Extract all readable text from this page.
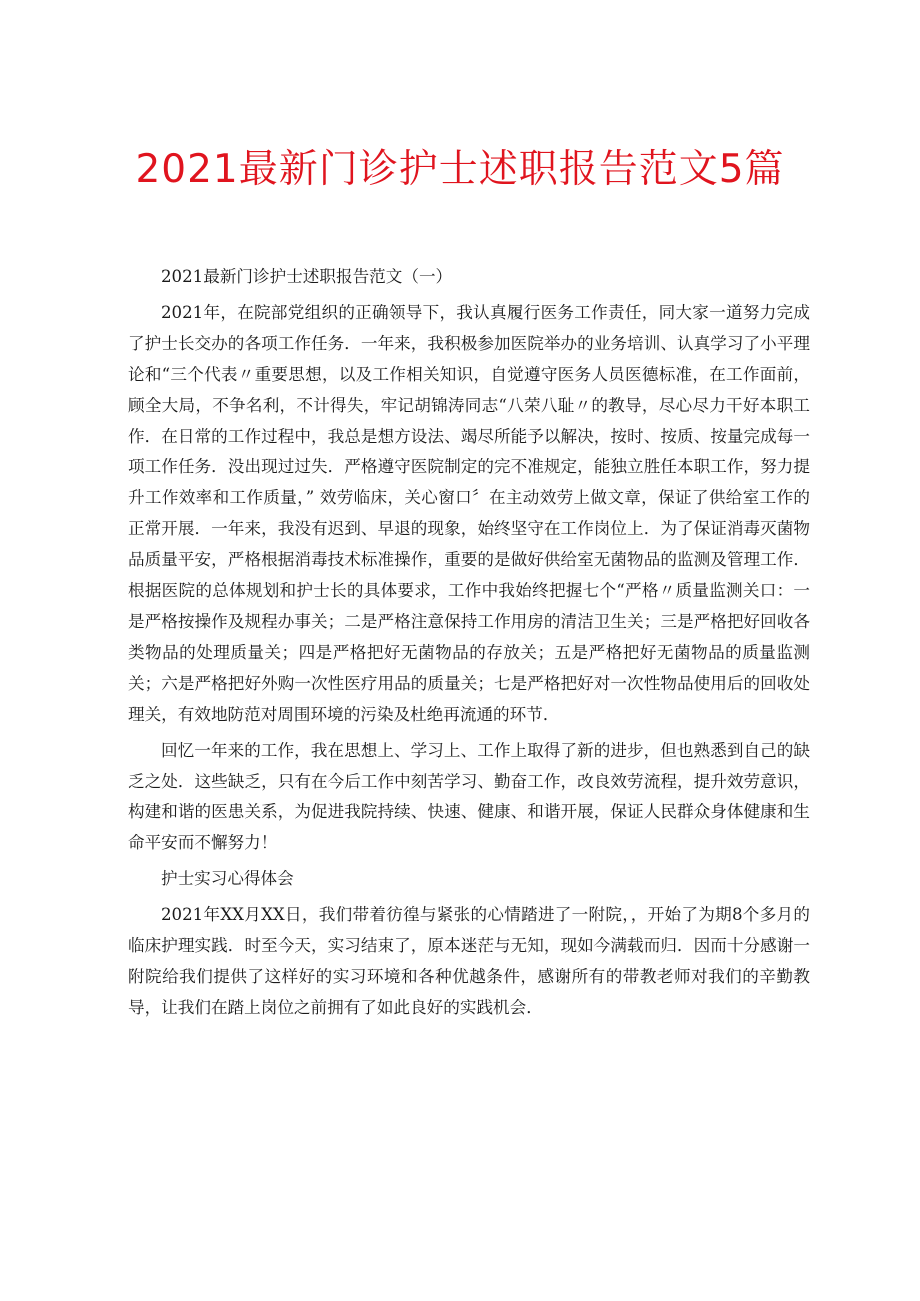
2021最新门诊护士述职报告范文5篇

2021最新门诊护士述职报告范文（一）

2021年，在院部党组织的正确领导下，我认真履行医务工作责任，同大家一道努力完成了护士长交办的各项工作任务．一年来，我积极参加医院举办的业务培训、认真学习了小平理论和“三个代表〃重要思想，以及工作相关知识，自觉遵守医务人员医德标准，在工作面前，顾全大局，不争名利，不计得失，牢记胡锦涛同志“八荣八耻〃的教导，尽心尽力干好本职工作．在日常的工作过程中，我总是想方设法、竭尽所能予以解决，按时、按质、按量完成每一项工作任务．没出现过过失．严格遵守医院制定的完不准规定，能独立胜任本职工作，努力提升工作效率和工作质量，” 效劳临床，关心窗口〞在主动效劳上做文章，保证了供给室工作的正常开展．一年来，我没有迟到、早退的现象，始终坚守在工作岗位上．为了保证消毒灭菌物品质量平安，严格根据消毒技术标准操作，重要的是做好供给室无菌物品的监测及管理工作．根据医院的总体规划和护士长的具体要求，工作中我始终把握七个“严格〃质量监测关口：一是严格按操作及规程办事关；二是严格注意保持工作用房的清洁卫生关；三是严格把好回收各类物品的处理质量关；四是严格把好无菌物品的存放关；五是严格把好无菌物品的质量监测关；六是严格把好外购一次性医疗用品的质量关；七是严格把好对一次性物品使用后的回收处理关，有效地防范对周围环境的污染及杜绝再流通的环节．

回忆一年来的工作，我在思想上、学习上、工作上取得了新的进步，但也熟悉到自己的缺乏之处．这些缺乏，只有在今后工作中刻苦学习、勤奋工作，改良效劳流程，提升效劳意识，构建和谐的医患关系，为促进我院持续、快速、健康、和谐开展，保证人民群众身体健康和生命平安而不懈努力！

护士实习心得体会

2021年XX月XX日，我们带着彷徨与紧张的心情踏进了一附院，，开始了为期8个多月的临床护理实践．时至今天，实习结束了，原本迷茫与无知，现如今满载而归．因而十分感谢一附院给我们提供了这样好的实习环境和各种优越条件，感谢所有的带教老师对我们的辛勤教导，让我们在踏上岗位之前拥有了如此良好的实践机会．
